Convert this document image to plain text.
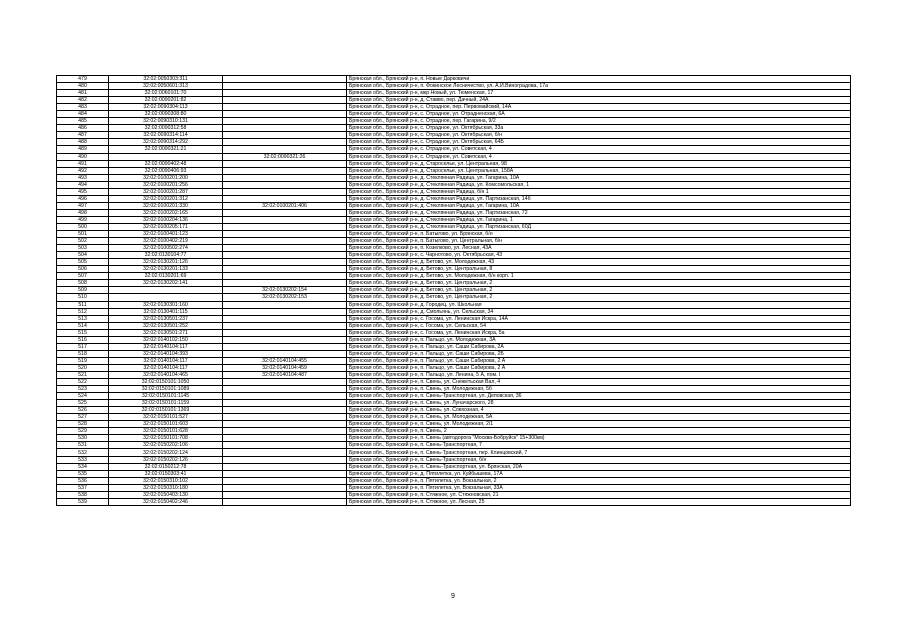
479	32:02:0050303:311		Брянская обл., Брянский р-н, п. Новые Дарковичи
480	32:02:0050601:313		Брянская обл., Брянский р-н, п. Фокинское Лесничество, ул. А.И.Виноградова, 17а
481	32:02:0060101:70		Брянская обл., Брянский р-н, мкр Новый, ул. Тюменская, 17
482	32:02:0090201:82		Брянская обл., Брянский р-н, д. Ставво, пер. Дачный, 24А
483	32:02:0090304:113		Брянская обл., Брянский р-н, с. Отрадное, пер. Первомайский, 14А
484	32:02:0090308:80		Брянская обл., Брянский р-н, с. Отрадное, ул. Отрадненская, 6А
485	32:02:0090310:131		Брянская обл., Брянский р-н, с. Отрадное, пер. Гагарина, 9/2
486	32:02:0090312:58		Брянская обл., Брянский р-н, с. Отрадное, ул. Октябрьская, 33а
487	32:02:0090314:114		Брянская обл., Брянский р-н, с. Отрадное, ул. Октябрьская, б/н
488	32:02:0090314:292		Брянская обл., Брянский р-н, с. Отрадное, ул. Октябрьская, 64Б
489	32:02:0090321:21		Брянская обл., Брянский р-н, с. Отрадное, ул. Советская, 4
490		32:02:0090321:26	Брянская обл., Брянский р-н, с. Отрадное, ул. Советская, 4
491	32:02:0090402:48		Брянская обл., Брянский р-н, д. Староселье, ул. Центральная, 98
492	32:02:0090406:93		Брянская обл., Брянский р-н, д. Староселье, ул. Центральная, 158А
493	32:02:0100201:200		Брянская обл., Брянский р-н, д. Стеклянная Радица, ул. Гагарина, 10А
494	32:02:0100201:256		Брянская обл., Брянский р-н, д. Стеклянная Радица, ул. Комсомольская, 1
495	32:02:0100201:287		Брянская обл., Брянский р-н, д. Стеклянная Радица, б/н 1
496	32:02:0100201:312		Брянская обл., Брянский р-н, д. Стеклянная Радица, ул. Партизанская, 14б
497	32:02:0100201:330	32:02:0100201:406	Брянская обл., Брянский р-н, д. Стеклянная Радица, ул. Гагарина, 10А
498	32:02:0100202:165		Брянская обл., Брянский р-н, д. Стеклянная Радица, ул. Партизанская, 72
499	32:02:0100204:136		Брянская обл., Брянский р-н, д. Стеклянная Радица, ул. Гагарина, 1
500	32:02:0100205:171		Брянская обл., Брянский р-н, д. Стеклянная Радица, ул. Партизанская, 60Д
501	32:02:0100401:123		Брянская обл., Брянский р-н, п. Батыгово, ул. Брянская, б/н
502	32:02:0100402:219		Брянская обл., Брянский р-н, п. Батыгово, ул. Центральная, б/н
503	32:02:0100502:274		Брянская обл., Брянский р-н, п. Козелково, ул. Лесная, 43А
504	32:02:0130104:77		Брянская обл., Брянский р-н, с. Чарнотово, ул. Октябрьская, 43
505	32:02:0130201:126		Брянская обл., Брянский р-н, д. Бетово, ул. Молодежная, 43
506	32:02:0130201:133		Брянская обл., Брянский р-н, д. Бетово, ул. Центральная, 8
507	32:02:0130201:69		Брянская обл., Брянский р-н, д. Бетово, ул. Молодежная, б/н корп. 1
508	32:02:0130202:141		Брянская обл., Брянский р-н, д. Бетово, ул. Центральная, 2
509		32:02:0130202:154	Брянская обл., Брянский р-н, д. Бетово, ул. Центральная, 2
510		32:02:0130202:153	Брянская обл., Брянский р-н, д. Бетово, ул. Центральная, 2
511	32:02:0130301:160		Брянская обл., Брянский р-н, д. Городец, ул. Школьная
512	32:02:0130401:115		Брянская обл., Брянский р-н, д. Смольянь, ул. Сельская, 34
513	32:02:0130501:237		Брянская обл., Брянский р-н, с. Госома, ул. Ленинская Искра, 14А
514	32:02:0130501:252		Брянская обл., Брянский р-н, с. Госома, ул. Сельская, 54
515	32:02:0130501:271		Брянская обл., Брянский р-н, с. Госома, ул. Ленинская Искра, 5а
516	32:02:0140102:150		Брянская обл., Брянский р-н, п. Пальцо, ул. Молодежная, 3А
517	32:02:0140104:117		Брянская обл., Брянский р-н, п. Пальцо, ул. Саши Сабирова, 2А
518	32:02:0140104:393		Брянская обл., Брянский р-н, п. Пальцо, ул. Саши Сабирова, 2Б
519	32:02:0140104:117	32:02:0140104:455	Брянская обл., Брянский р-н, п. Пальцо, ул. Саши Сабирова, 2 А
520	32:02:0140104:117	32:02:0140104:459	Брянская обл., Брянский р-н, п. Пальцо, ул. Саши Сабирова, 2 А
521	32:02:0140104:465	32:02:0140104:487	Брянская обл., Брянский р-н, п. Пальцо, ул. Ленина, 5 А, пом. I
522	32:02:0150101:1050		Брянская обл., Брянский р-н, п. Свень, ул. Снежетьская Вал, 4
523	32:02:0150101:1089		Брянская обл., Брянский р-н, п. Свень, ул. Молодежная, 5б
524	32:02:0150101:1145		Брянская обл., Брянский р-н, п. Свень-Транспортная, ул. Деповская, 36
525	32:02:0150101:1159		Брянская обл., Брянский р-н, п. Свень, ул. Луначарского, 28
526	32:02:0150101:1369		Брянская обл., Брянский р-н, п. Свень, ул. Совхозная, 4
527	32:02:0150101:527		Брянская обл., Брянский р-н, п. Свень, ул. Молодежная, 5А
528	32:02:0150101:603		Брянская обл., Брянский р-н, п. Свень, ул. Молодежная, 2/1
529	32:02:0150101:628		Брянская обл., Брянский р-н, п. Свень, 2
530	32:02:0150101:708		Брянская обл., Брянский р-н, п. Свень (автодорога "Москва-Бобруйск" 15+300км)
531	32:02:0150202:106		Брянская обл., Брянский р-н, п. Свень-Транспортная, 7
532	32:02:0150202:124		Брянская обл., Брянский р-н, п. Свень-Транспортная, пер. Клинцовский, 7
533	32:02:0150202:126		Брянская обл., Брянский р-н, п. Свень-Транспортная, б/н
534	32:02:0150212:78		Брянская обл., Брянский р-н, п. Свень-Транспортная, ул. Брянская, 20А
535	32:02:0150303:41		Брянская обл., Брянский р-н, д. Пятилетка, ул. Куйбышева, 17А
536	32:02:0150310:102		Брянская обл., Брянский р-н, п. Пятилетка, ул. Вокзальная, 2
537	32:02:0150310:180		Брянская обл., Брянский р-н, п. Пятилетка, ул. Вокзальная, 33А
538	32:02:0150403:130		Брянская обл., Брянский р-н, п. Стяжное, ул. Стяжновская, 21
539	32:02:0150402:246		Брянская обл., Брянский р-н, п. Стяжное, ул. Лесная, 25
9
